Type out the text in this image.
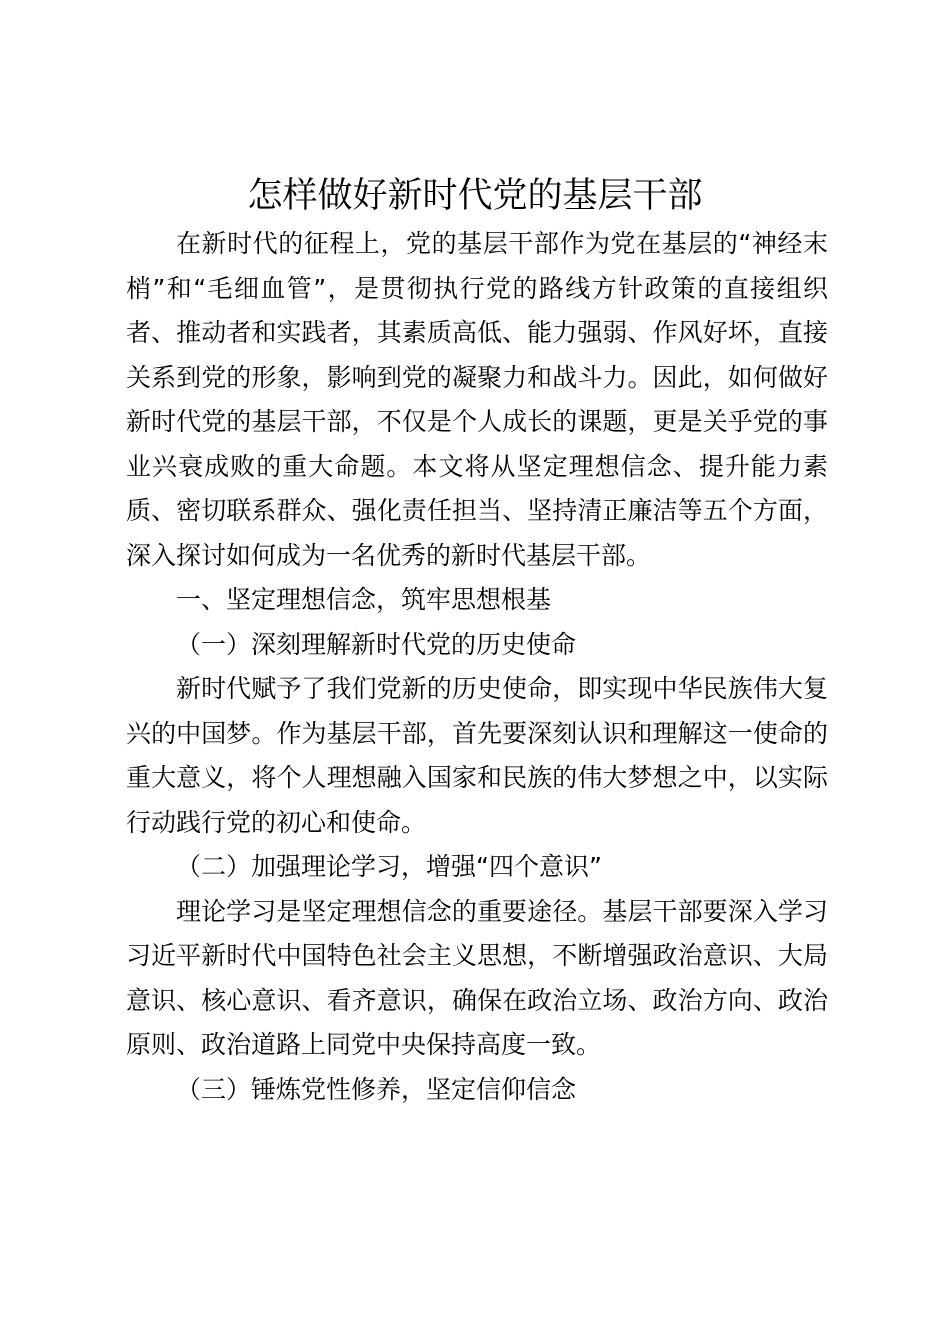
怎样做好新时代党的基层干部

在新时代的征程上，党的基层干部作为党在基层的“神经末梢”和“毛细血管”，是贯彻执行党的路线方针政策的直接组织者、推动者和实践者，其素质高低、能力强弱、作风好坏，直接关系到党的形象，影响到党的凝聚力和战斗力。因此，如何做好新时代党的基层干部，不仅是个人成长的课题，更是关乎党的事业兴衰成败的重大命题。本文将从坚定理想信念、提升能力素质、密切联系群众、强化责任担当、坚持清正廉洁等五个方面，深入探讨如何成为一名优秀的新时代基层干部。

一、坚定理想信念，筑牢思想根基

（一）深刻理解新时代党的历史使命

新时代赋予了我们党新的历史使命，即实现中华民族伟大复兴的中国梦。作为基层干部，首先要深刻认识和理解这一使命的重大意义，将个人理想融入国家和民族的伟大梦想之中，以实际行动践行党的初心和使命。

（二）加强理论学习，增强“四个意识”

理论学习是坚定理想信念的重要途径。基层干部要深入学习习近平新时代中国特色社会主义思想，不断增强政治意识、大局意识、核心意识、看齐意识，确保在政治立场、政治方向、政治原则、政治道路上同党中央保持高度一致。

（三）锤炼党性修养，坚定信仰信念
